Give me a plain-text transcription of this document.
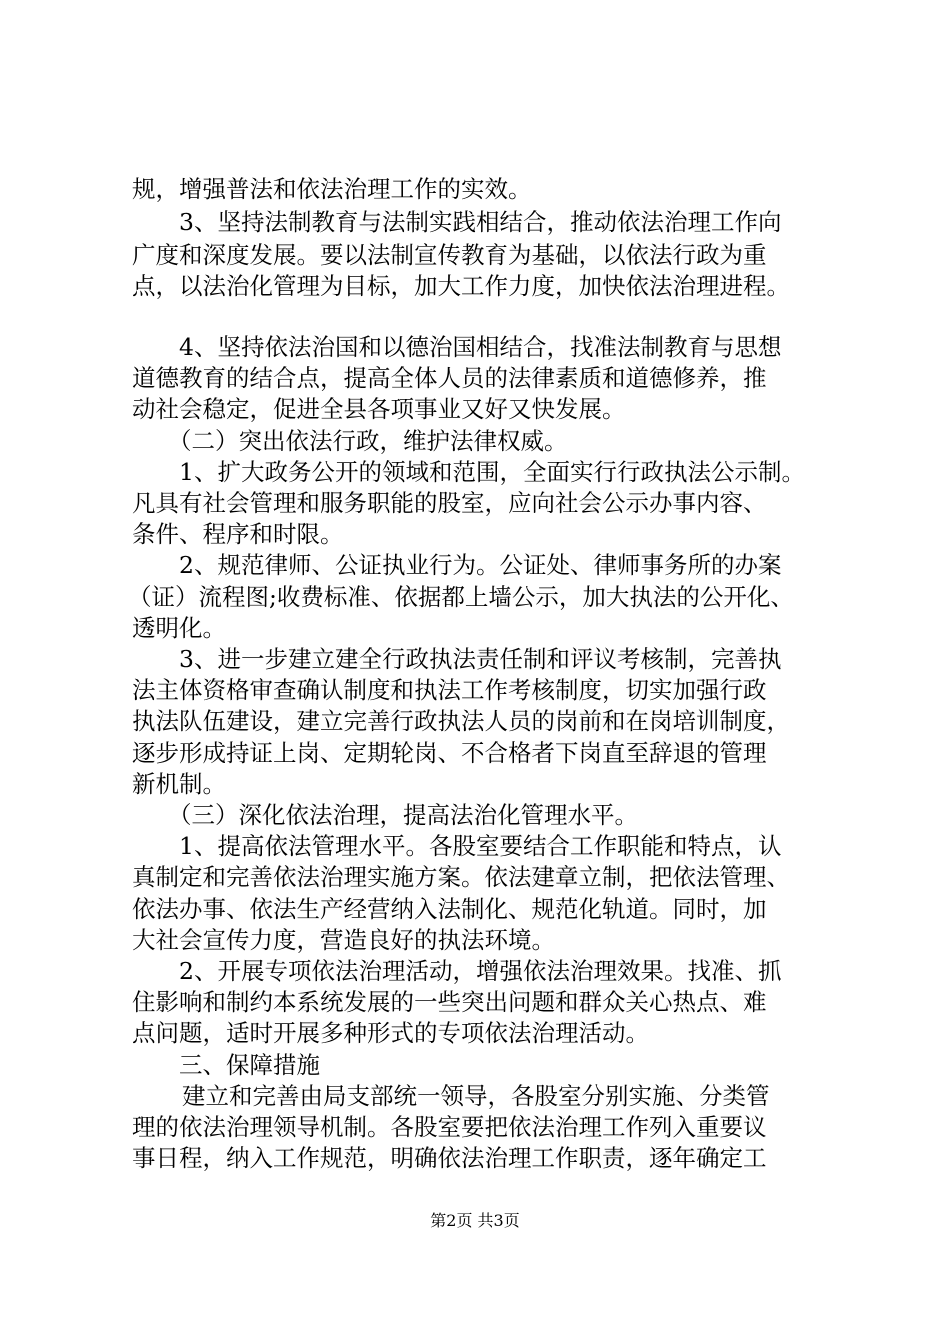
规，增强普法和依法治理工作的实效。
3、坚持法制教育与法制实践相结合，推动依法治理工作向
广度和深度发展。要以法制宣传教育为基础，以依法行政为重
点，以法治化管理为目标，加大工作力度，加快依法治理进程。
4、坚持依法治国和以德治国相结合，找准法制教育与思想
道德教育的结合点，提高全体人员的法律素质和道德修养，推
动社会稳定，促进全县各项事业又好又快发展。
（二）突出依法行政，维护法律权威。
1、扩大政务公开的领域和范围，全面实行行政执法公示制。
凡具有社会管理和服务职能的股室，应向社会公示办事内容、
条件、程序和时限。
2、规范律师、公证执业行为。公证处、律师事务所的办案
（证）流程图;收费标准、依据都上墙公示，加大执法的公开化、
透明化。
3、进一步建立建全行政执法责任制和评议考核制，完善执
法主体资格审查确认制度和执法工作考核制度，切实加强行政
执法队伍建设，建立完善行政执法人员的岗前和在岗培训制度，
逐步形成持证上岗、定期轮岗、不合格者下岗直至辞退的管理
新机制。
（三）深化依法治理，提高法治化管理水平。
1、提高依法管理水平。各股室要结合工作职能和特点，认
真制定和完善依法治理实施方案。依法建章立制，把依法管理、
依法办事、依法生产经营纳入法制化、规范化轨道。同时，加
大社会宣传力度，营造良好的执法环境。
2、开展专项依法治理活动，增强依法治理效果。找准、抓
住影响和制约本系统发展的一些突出问题和群众关心热点、难
点问题，适时开展多种形式的专项依法治理活动。
三、保障措施
建立和完善由局支部统一领导，各股室分别实施、分类管
理的依法治理领导机制。各股室要把依法治理工作列入重要议
事日程，纳入工作规范，明确依法治理工作职责，逐年确定工
第2页 共3页
